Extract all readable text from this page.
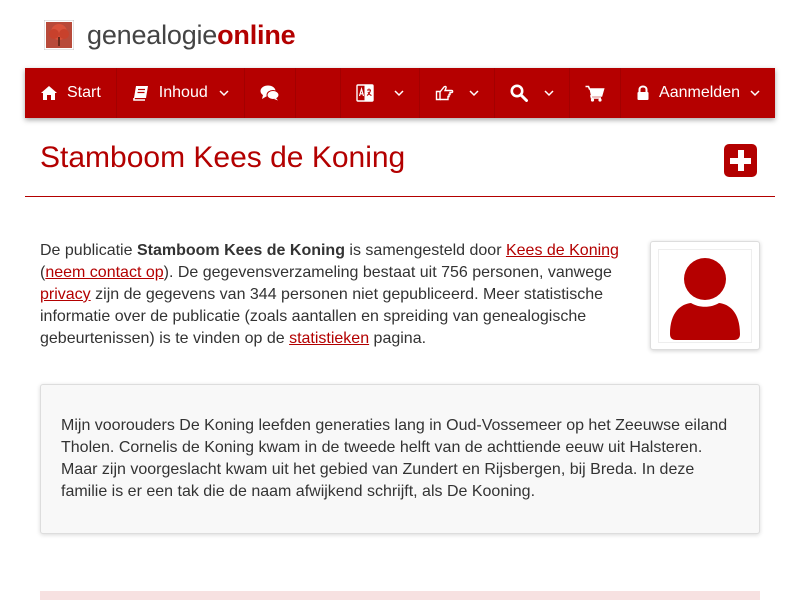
genealogieonline
Start	Inhoud	Aanmelden
Stamboom Kees de Koning

De publicatie Stamboom Kees de Koning is samengesteld door Kees de Koning
(neem contact op). De gegevensverzameling bestaat uit 756 personen, vanwege privacy zijn de gegevens van 344 personen niet gepubliceerd. Meer statistische informatie over de publicatie (zoals aantallen en spreiding van genealogische gebeurtenissen) is te vinden op de statistieken pagina.

Mijn voorouders De Koning leefden generaties lang in Oud-Vossemeer op het Zeeuwse eiland Tholen. Cornelis de Koning kwam in de tweede helft van de achttiende eeuw uit Halsteren. Maar zijn voorgeslacht kwam uit het gebied van Zundert en Rijsbergen, bij Breda. In deze familie is er een tak die de naam afwijkend schrijft, als De Kooning.
